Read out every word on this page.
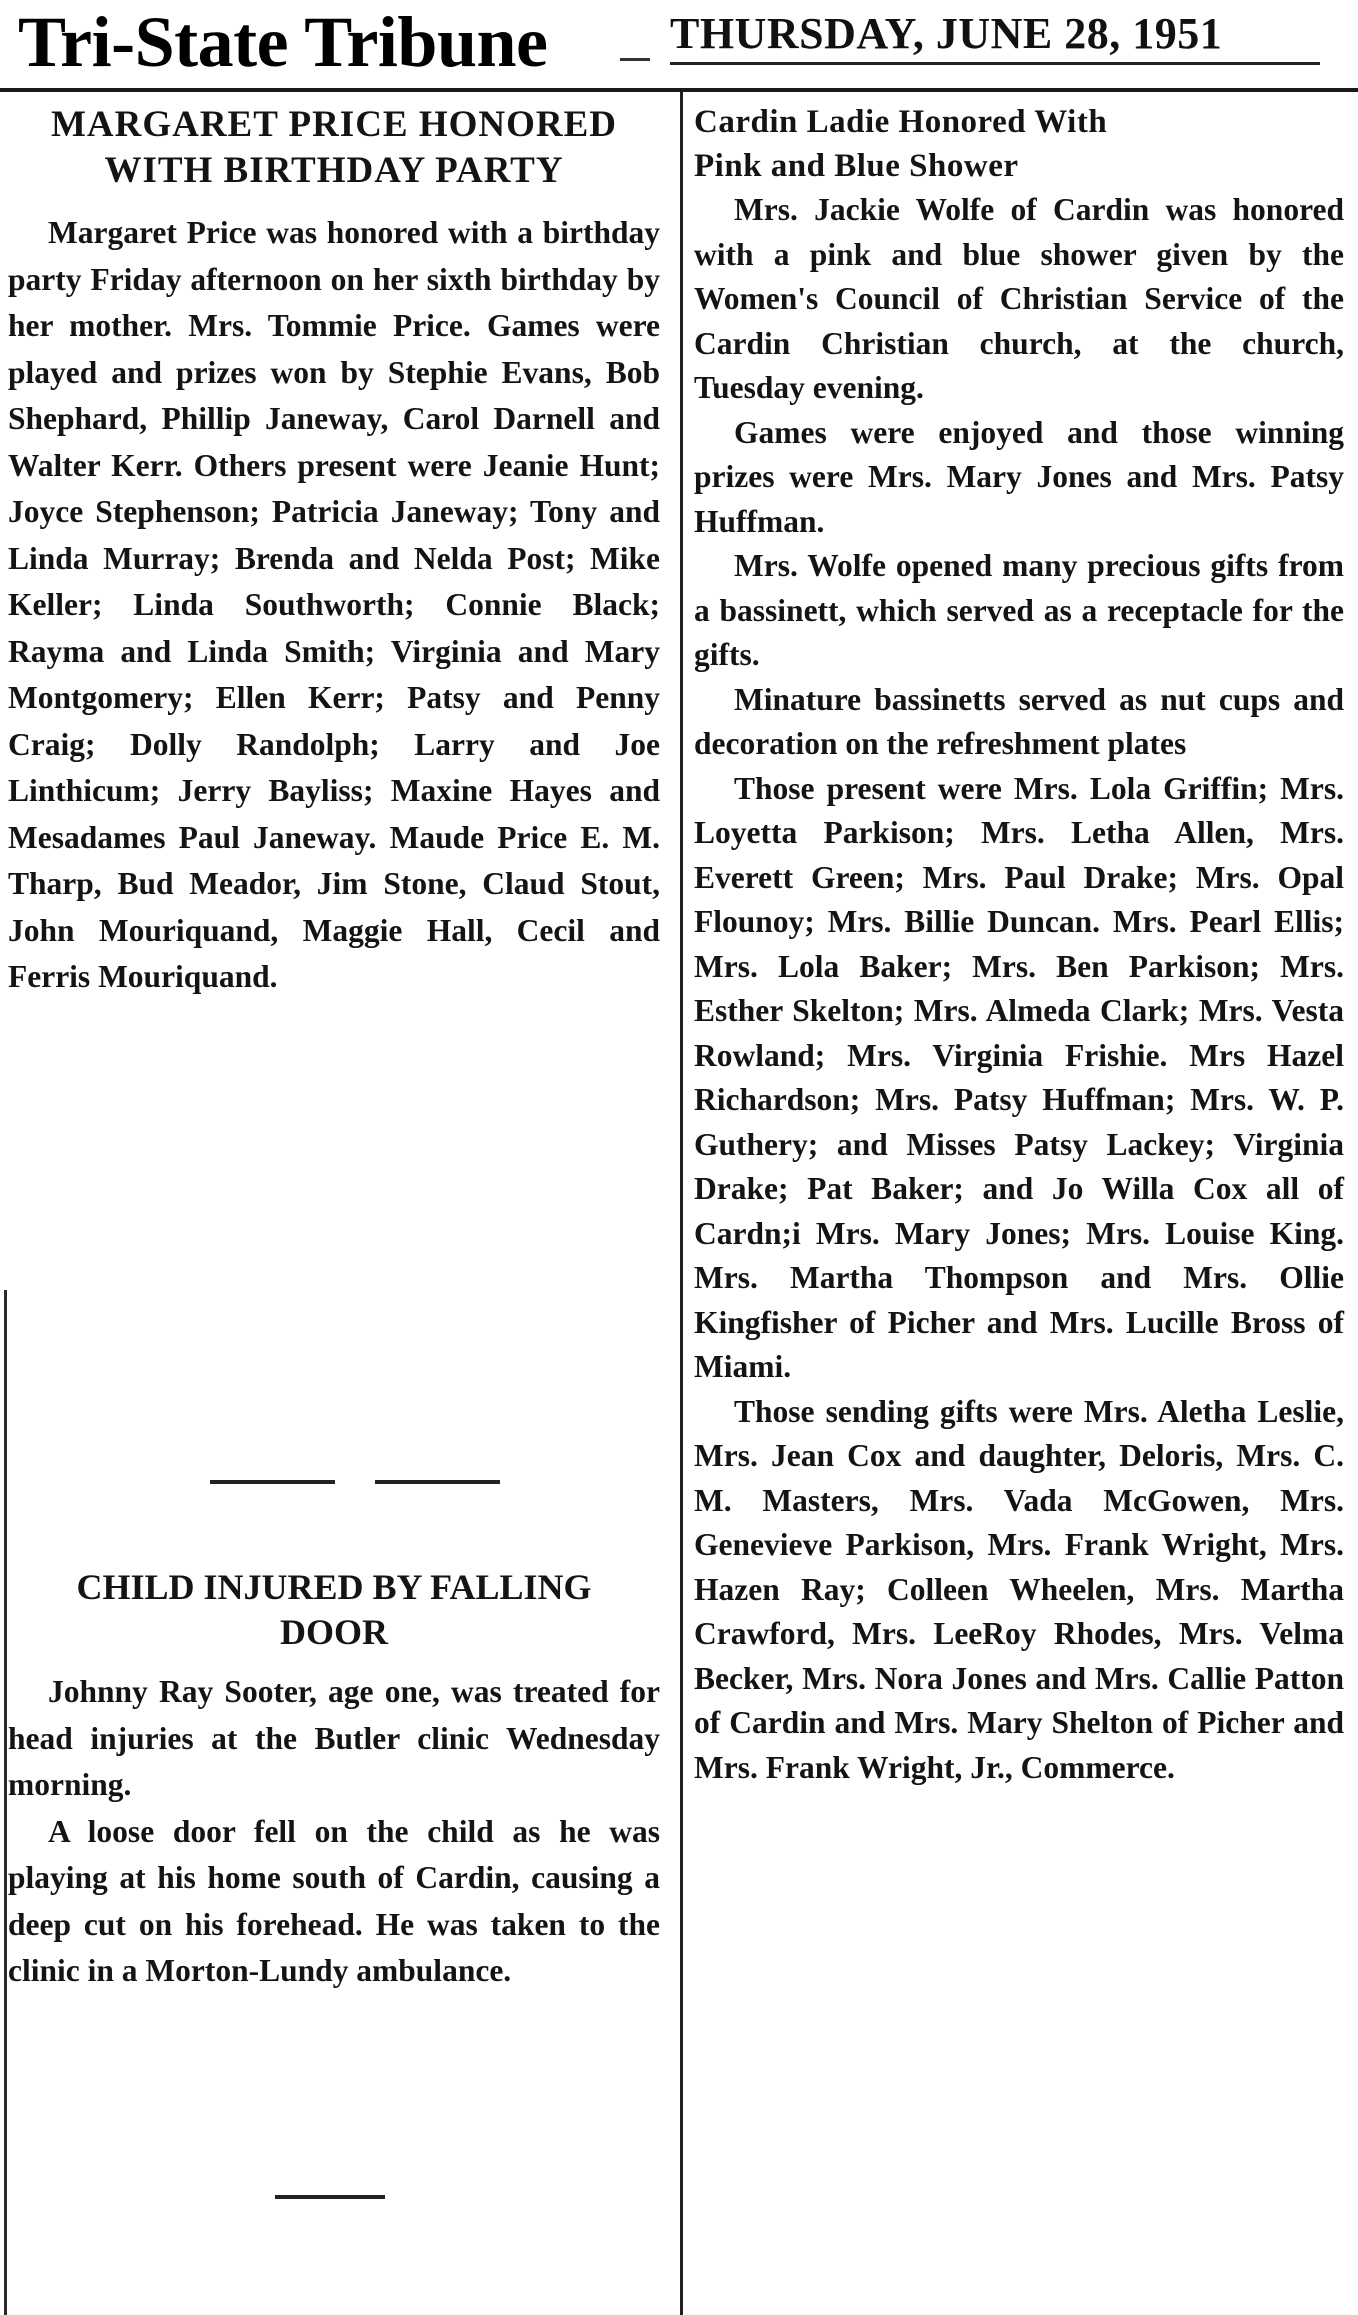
Tri-State Tribune	THURSDAY, JUNE 28, 1951
MARGARET PRICE HONORED
WITH BIRTHDAY PARTY

Margaret Price was honored with a birthday party Friday afternoon on her sixth birthday by her mother. Mrs. Tommie Price. Games were played and prizes won by Stephie Evans, Bob Shephard, Phillip Janeway, Carol Darnell and Walter Kerr. Others present were Jeanie Hunt; Joyce Stephenson; Patricia Janeway; Tony and Linda Murray; Brenda and Nelda Post; Mike Keller; Linda Southworth; Connie Black; Rayma and Linda Smith; Virginia and Mary Montgomery; Ellen Kerr; Patsy and Penny Craig; Dolly Randolph; Larry and Joe Linthicum; Jerry Bayliss; Maxine Hayes and Mesadames Paul Janeway. Maude Price E. M. Tharp, Bud Meador, Jim Stone, Claud Stout, John Mouriquand, Maggie Hall, Cecil and Ferris Mouriquand.

CHILD INJURED BY FALLING
DOOR

Johnny Ray Sooter, age one, was treated for head injuries at the Butler clinic Wednesday morning.

A loose door fell on the child as he was playing at his home south of Cardin, causing a deep cut on his forehead. He was taken to the clinic in a Morton-Lundy ambulance.

Cardin Ladie Honored With
Pink and Blue Shower

Mrs. Jackie Wolfe of Cardin was honored with a pink and blue shower given by the Women's Council of Christian Service of the Cardin Christian church, at the church, Tuesday evening.

Games were enjoyed and those winning prizes were Mrs. Mary Jones and Mrs. Patsy Huffman.

Mrs. Wolfe opened many precious gifts from a bassinett, which served as a receptacle for the gifts.

Minature bassinetts served as nut cups and decoration on the refreshment plates

Those present were Mrs. Lola Griffin; Mrs. Loyetta Parkison; Mrs. Letha Allen, Mrs. Everett Green; Mrs. Paul Drake; Mrs. Opal Flounoy; Mrs. Billie Duncan. Mrs. Pearl Ellis; Mrs. Lola Baker; Mrs. Ben Parkison; Mrs. Esther Skelton; Mrs. Almeda Clark; Mrs. Vesta Rowland; Mrs. Virginia Frishie. Mrs Hazel Richardson; Mrs. Patsy Huffman; Mrs. W. P. Guthery; and Misses Patsy Lackey; Virginia Drake; Pat Baker; and Jo Willa Cox all of Cardn;i Mrs. Mary Jones; Mrs. Louise King. Mrs. Martha Thompson and Mrs. Ollie Kingfisher of Picher and Mrs. Lucille Bross of Miami.

Those sending gifts were Mrs. Aletha Leslie, Mrs. Jean Cox and daughter, Deloris, Mrs. C. M. Masters, Mrs. Vada McGowen, Mrs. Genevieve Parkison, Mrs. Frank Wright, Mrs. Hazen Ray; Colleen Wheelen, Mrs. Martha Crawford, Mrs. LeeRoy Rhodes, Mrs. Velma Becker, Mrs. Nora Jones and Mrs. Callie Patton of Cardin and Mrs. Mary Shelton of Picher and Mrs. Frank Wright, Jr., Commerce.
